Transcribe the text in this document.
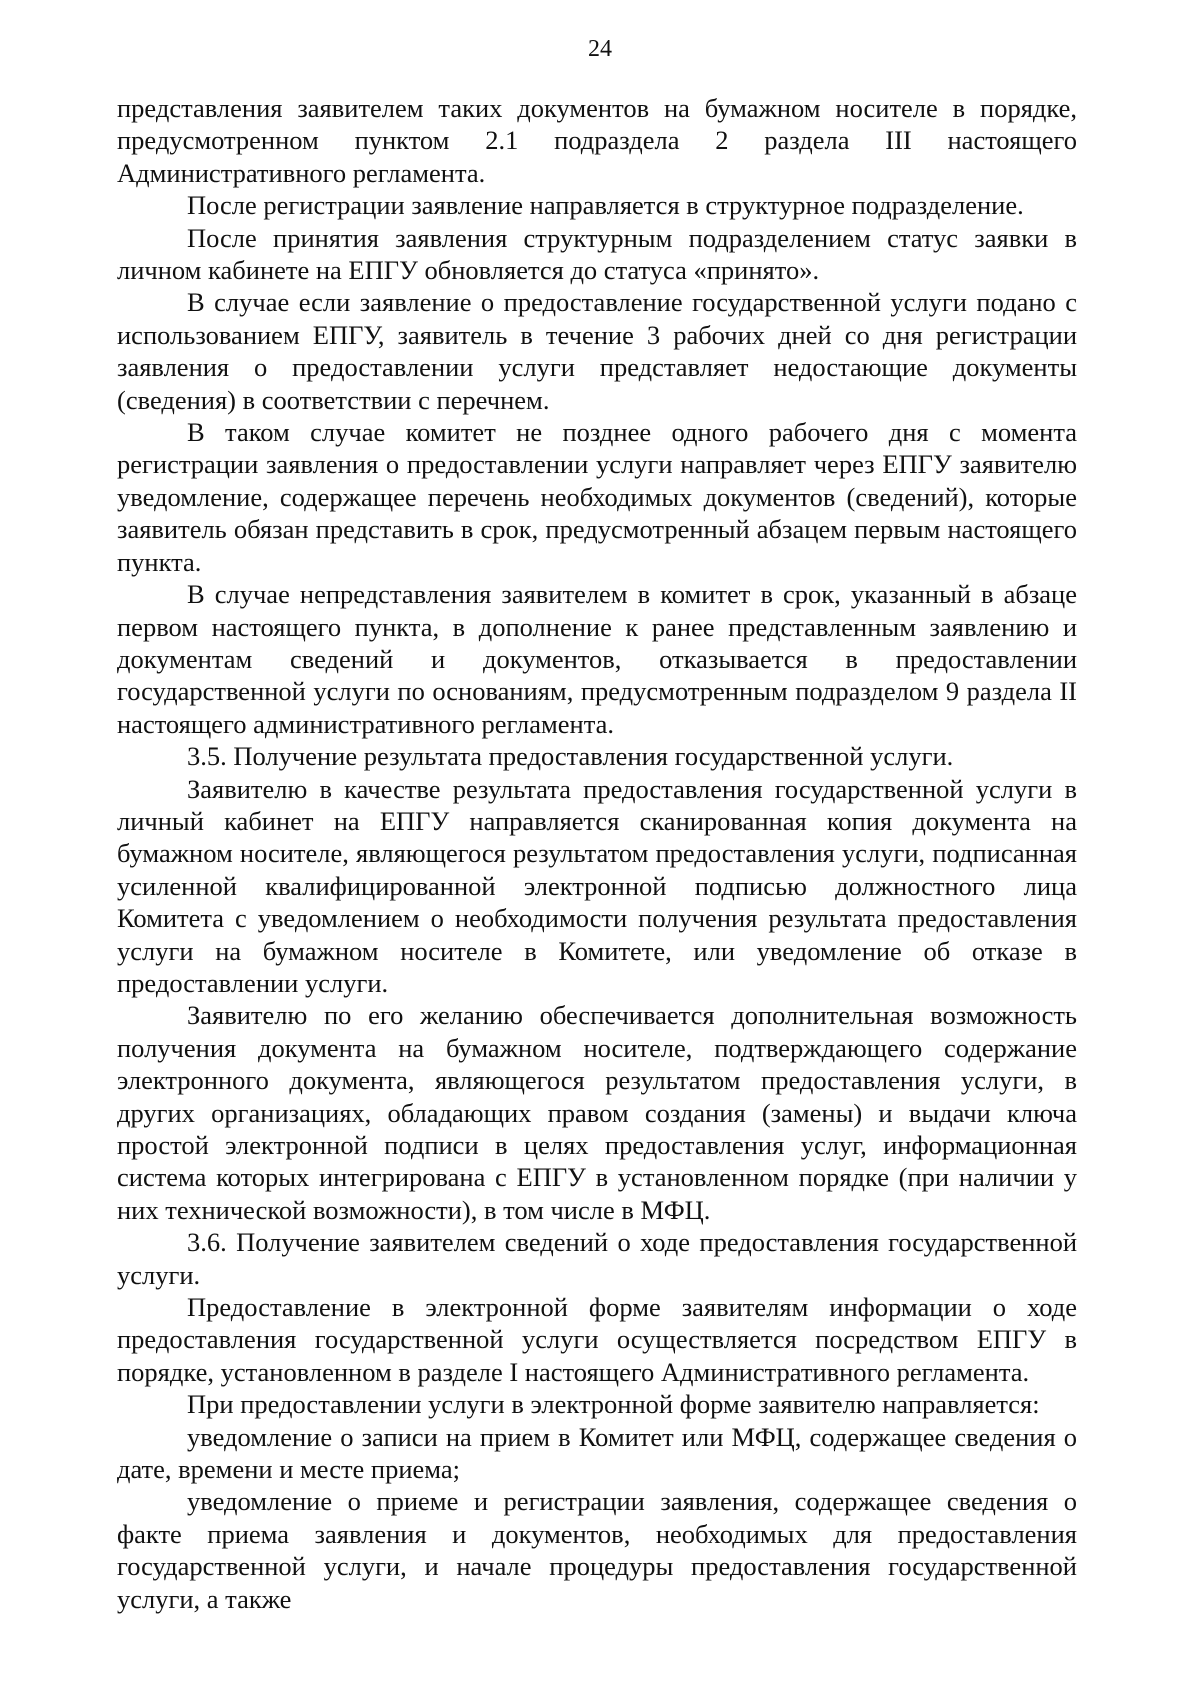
24

представления заявителем таких документов на бумажном носителе в порядке, предусмотренном пунктом 2.1 подраздела 2 раздела III настоящего Административного регламента.

После регистрации заявление направляется в структурное подразделение.

После принятия заявления структурным подразделением статус заявки в личном кабинете на ЕПГУ обновляется до статуса «принято».

В случае если заявление о предоставление государственной услуги подано с использованием ЕПГУ, заявитель в течение 3 рабочих дней со дня регистрации заявления о предоставлении услуги представляет недостающие документы (сведения) в соответствии с перечнем.

В таком случае комитет не позднее одного рабочего дня с момента регистрации заявления о предоставлении услуги направляет через ЕПГУ заявителю уведомление, содержащее перечень необходимых документов (сведений), которые заявитель обязан представить в срок, предусмотренный абзацем первым настоящего пункта.

В случае непредставления заявителем в комитет в срок, указанный в абзаце первом настоящего пункта, в дополнение к ранее представленным заявлению и документам сведений и документов, отказывается в предоставлении государственной услуги по основаниям, предусмотренным подразделом 9 раздела II настоящего административного регламента.

3.5. Получение результата предоставления государственной услуги.

Заявителю в качестве результата предоставления государственной услуги в личный кабинет на ЕПГУ направляется сканированная копия документа на бумажном носителе, являющегося результатом предоставления услуги, подписанная усиленной квалифицированной электронной подписью должностного лица Комитета с уведомлением о необходимости получения результата предоставления услуги на бумажном носителе в Комитете, или уведомление об отказе в предоставлении услуги.

Заявителю по его желанию обеспечивается дополнительная возможность получения документа на бумажном носителе, подтверждающего содержание электронного документа, являющегося результатом предоставления услуги, в других организациях, обладающих правом создания (замены) и выдачи ключа простой электронной подписи в целях предоставления услуг, информационная система которых интегрирована с ЕПГУ в установленном порядке (при наличии у них технической возможности), в том числе в МФЦ.

3.6. Получение заявителем сведений о ходе предоставления государственной услуги.

Предоставление в электронной форме заявителям информации о ходе предоставления государственной услуги осуществляется посредством ЕПГУ в порядке, установленном в разделе I настоящего Административного регламента.

При предоставлении услуги в электронной форме заявителю направляется:

уведомление о записи на прием в Комитет или МФЦ, содержащее сведения о дате, времени и месте приема;

уведомление о приеме и регистрации заявления, содержащее сведения о факте приема заявления и документов, необходимых для предоставления государственной услуги, и начале процедуры предоставления государственной услуги, а также
